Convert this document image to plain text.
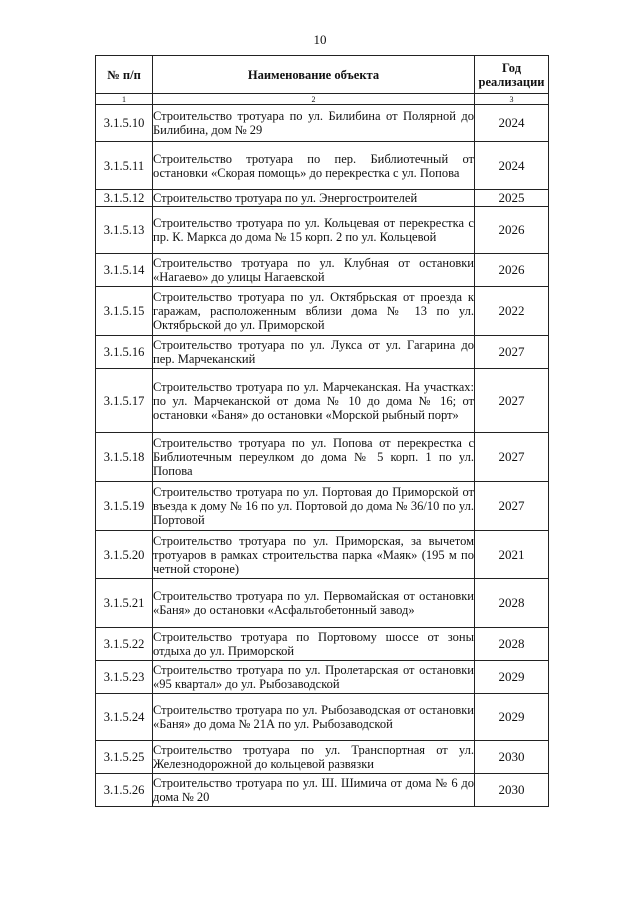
10
№ п/п	Наименование объекта	Год реализации
1	2	3
3.1.5.10	Строительство тротуара по ул. Билибина от Полярной до Билибина, дом № 29	2024
3.1.5.11	Строительство тротуара по пер. Библиотечный от остановки «Скорая помощь» до перекрестка с ул. Попова	2024
3.1.5.12	Строительство тротуара по ул. Энергостроителей	2025
3.1.5.13	Строительство тротуара по ул. Кольцевая от перекрестка с пр. К. Маркса до дома № 15 корп. 2 по ул. Кольцевой	2026
3.1.5.14	Строительство тротуара по ул. Клубная от остановки «Нагаево» до улицы Нагаевской	2026
3.1.5.15	Строительство тротуара по ул. Октябрьская от проезда к гаражам, расположенным вблизи дома № 13 по ул. Октябрьской до ул. Приморской	2022
3.1.5.16	Строительство тротуара по ул. Лукса от ул. Гагарина до пер. Марчеканский	2027
3.1.5.17	Строительство тротуара по ул. Марчеканская. На участках: по ул. Марчеканской от дома № 10 до дома № 16; от остановки «Баня» до остановки «Морской рыбный порт»	2027
3.1.5.18	Строительство тротуара по ул. Попова от перекрестка с Библиотечным переулком до дома № 5 корп. 1 по ул. Попова	2027
3.1.5.19	Строительство тротуара по ул. Портовая до Приморской от въезда к дому № 16 по ул. Портовой до дома № 36/10 по ул. Портовой	2027
3.1.5.20	Строительство тротуара по ул. Приморская, за вычетом тротуаров в рамках строительства парка «Маяк» (195 м по четной стороне)	2021
3.1.5.21	Строительство тротуара по ул. Первомайская от остановки «Баня» до остановки «Асфальтобетонный завод»	2028
3.1.5.22	Строительство тротуара по Портовому шоссе от зоны отдыха до ул. Приморской	2028
3.1.5.23	Строительство тротуара по ул. Пролетарская от остановки «95 квартал» до ул. Рыбозаводской	2029
3.1.5.24	Строительство тротуара по ул. Рыбозаводская от остановки «Баня» до дома № 21А по ул. Рыбозаводской	2029
3.1.5.25	Строительство тротуара по ул. Транспортная от ул. Железнодорожной до кольцевой развязки	2030
3.1.5.26	Строительство тротуара по ул. Ш. Шимича от дома № 6 до дома № 20	2030
